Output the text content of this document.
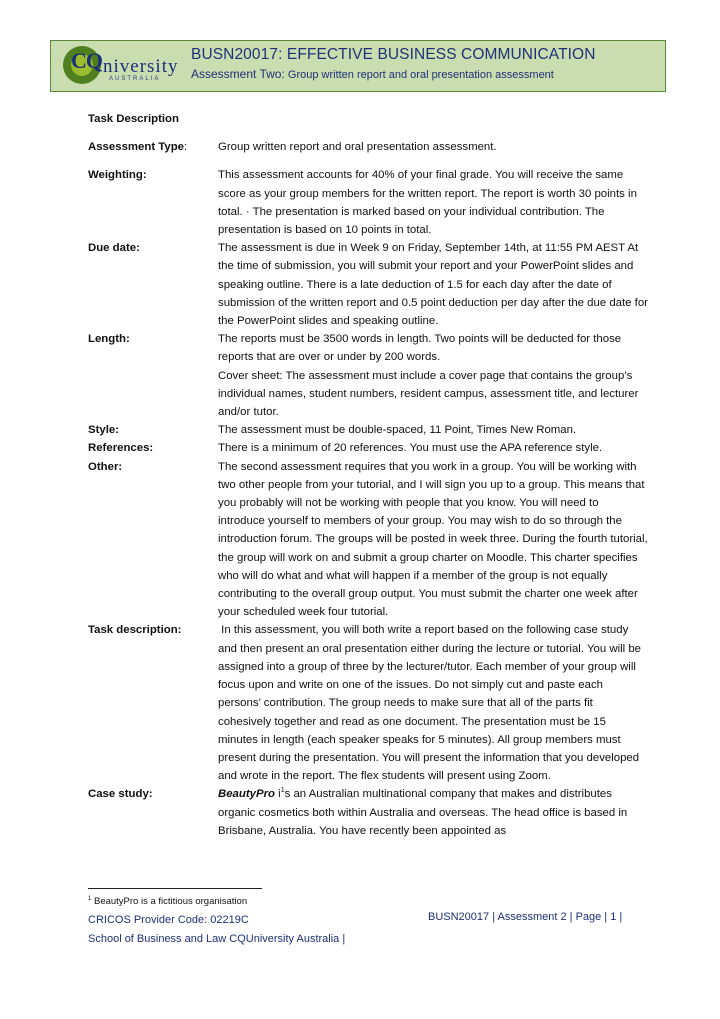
CQ niversity
AUSTRALIA
BUSN20017: EFFECTIVE BUSINESS COMMUNICATION
Assessment Two: Group written report and oral presentation assessment
Task Description
Assessment Type:	Group written report and oral presentation assessment.
Weighting:	This assessment accounts for 40% of your final grade. You will receive the same score as your group members for the written report. The report is worth 30 points in total. · The presentation is marked based on your individual contribution. The presentation is based on 10 points in total.
Due date:	The assessment is due in Week 9 on Friday, September 14th, at 11:55 PM AEST At the time of submission, you will submit your report and your PowerPoint slides and speaking outline. There is a late deduction of 1.5 for each day after the date of submission of the written report and 0.5 point deduction per day after the due date for the PowerPoint slides and speaking outline.
Length:	The reports must be 3500 words in length. Two points will be deducted for those reports that are over or under by 200 words.
Cover sheet: The assessment must include a cover page that contains the group’s individual names, student numbers, resident campus, assessment title, and lecturer and/or tutor.
Style:	The assessment must be double-spaced, 11 Point, Times New Roman.
References:	There is a minimum of 20 references. You must use the APA reference style.
Other:	The second assessment requires that you work in a group. You will be working with two other people from your tutorial, and I will sign you up to a group. This means that you probably will not be working with people that you know. You will need to introduce yourself to members of your group. You may wish to do so through the introduction forum. The groups will be posted in week three. During the fourth tutorial, the group will work on and submit a group charter on Moodle. This charter specifies who will do what and what will happen if a member of the group is not equally contributing to the overall group output. You must submit the charter one week after your scheduled week four tutorial.
Task description:	In this assessment, you will both write a report based on the following case study and then present an oral presentation either during the lecture or tutorial. You will be assigned into a group of three by the lecturer/tutor. Each member of your group will focus upon and write on one of the issues. Do not simply cut and paste each persons’ contribution. The group needs to make sure that all of the parts fit cohesively together and read as one document. The presentation must be 15 minutes in length (each speaker speaks for 5 minutes). All group members must present during the presentation. You will present the information that you developed and wrote in the report. The flex students will present using Zoom.
Case study:	BeautyPro $i^1s$ an Australian multinational company that makes and distributes organic cosmetics both within Australia and overseas. The head office is based in Brisbane, Australia. You have recently been appointed as
$^1$ BeautyPro is a fictitious organisation
CRICOS Provider Code: 02219C
School of Business and Law CQUniversity Australia |
BUSN20017 | Assessment 2 | Page | 1 |
